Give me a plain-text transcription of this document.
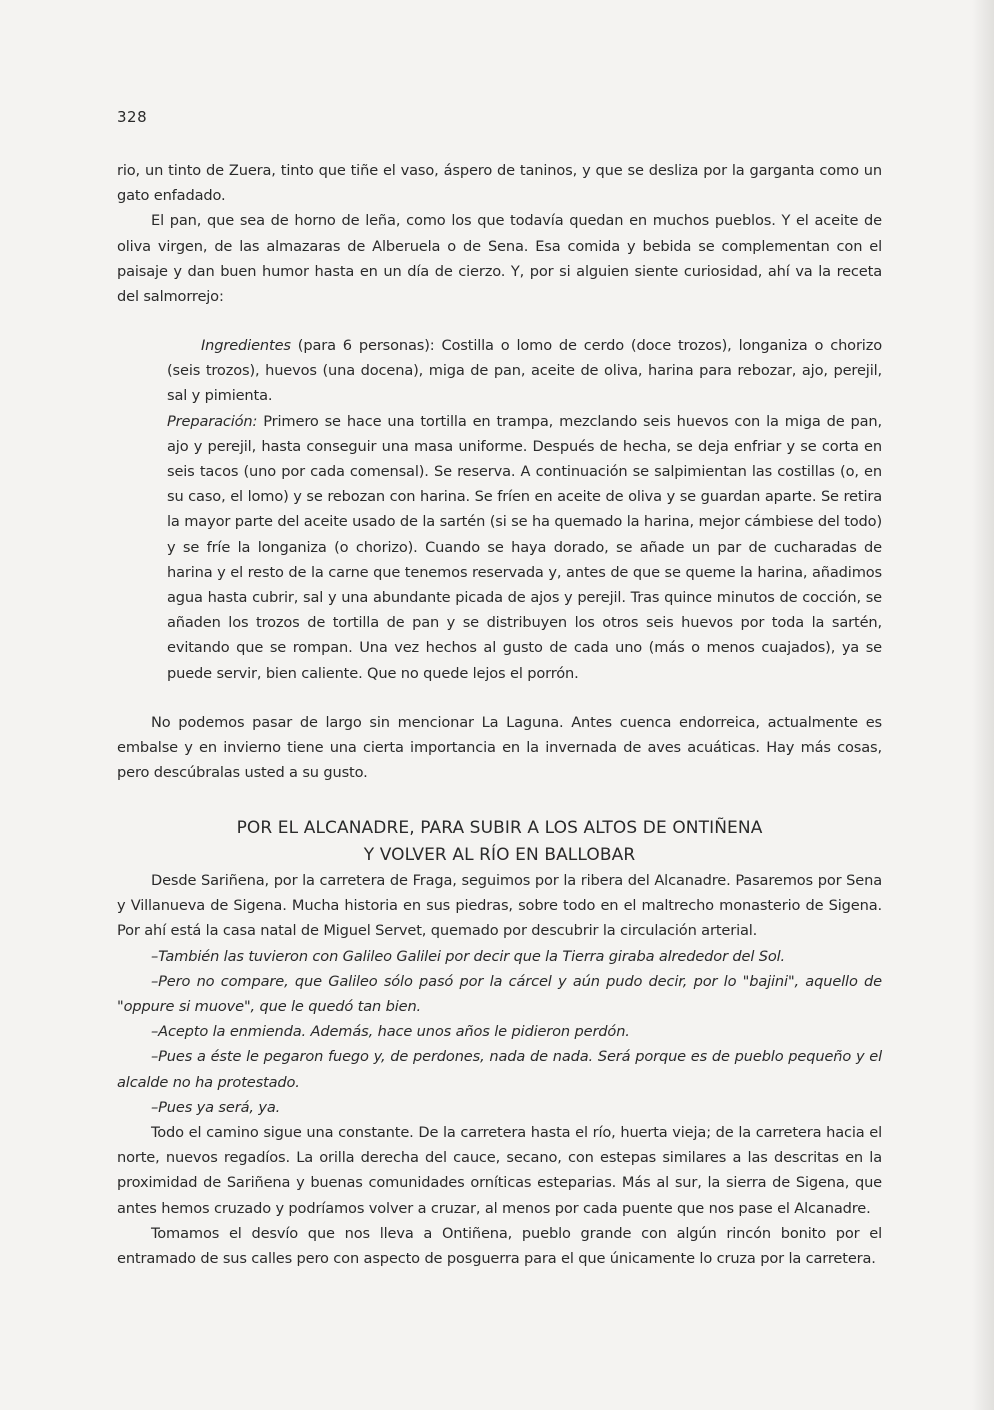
328

rio, un tinto de Zuera, tinto que tiñe el vaso, áspero de taninos, y que se desliza por la garganta como un gato enfadado.

El pan, que sea de horno de leña, como los que todavía quedan en muchos pueblos. Y el aceite de oliva virgen, de las almazaras de Alberuela o de Sena. Esa comida y bebida se complementan con el paisaje y dan buen humor hasta en un día de cierzo. Y, por si alguien siente curiosidad, ahí va la receta del salmorrejo:

Ingredientes (para 6 personas): Costilla o lomo de cerdo (doce trozos), longaniza o chorizo (seis trozos), huevos (una docena), miga de pan, aceite de oliva, harina para rebozar, ajo, perejil, sal y pimienta.

Preparación: Primero se hace una tortilla en trampa, mezclando seis huevos con la miga de pan, ajo y perejil, hasta conseguir una masa uniforme. Después de hecha, se deja enfriar y se corta en seis tacos (uno por cada comensal). Se reserva. A continuación se salpimientan las costillas (o, en su caso, el lomo) y se rebozan con harina. Se fríen en aceite de oliva y se guardan aparte. Se retira la mayor parte del aceite usado de la sartén (si se ha quemado la harina, mejor cámbiese del todo) y se fríe la longaniza (o chorizo). Cuando se haya dorado, se añade un par de cucharadas de harina y el resto de la carne que tenemos reservada y, antes de que se queme la harina, añadimos agua hasta cubrir, sal y una abundante picada de ajos y perejil. Tras quince minutos de cocción, se añaden los trozos de tortilla de pan y se distribuyen los otros seis huevos por toda la sartén, evitando que se rompan. Una vez hechos al gusto de cada uno (más o menos cuajados), ya se puede servir, bien caliente. Que no quede lejos el porrón.

No podemos pasar de largo sin mencionar La Laguna. Antes cuenca endorreica, actualmente es embalse y en invierno tiene una cierta importancia en la invernada de aves acuáticas. Hay más cosas, pero descúbralas usted a su gusto.

POR EL ALCANADRE, PARA SUBIR A LOS ALTOS DE ONTIÑENA
Y VOLVER AL RÍO EN BALLOBAR

Desde Sariñena, por la carretera de Fraga, seguimos por la ribera del Alcanadre. Pasaremos por Sena y Villanueva de Sigena. Mucha historia en sus piedras, sobre todo en el maltrecho monasterio de Sigena. Por ahí está la casa natal de Miguel Servet, quemado por descubrir la circulación arterial.

–También las tuvieron con Galileo Galilei por decir que la Tierra giraba alrededor del Sol.

–Pero no compare, que Galileo sólo pasó por la cárcel y aún pudo decir, por lo "bajini", aquello de "oppure si muove", que le quedó tan bien.

–Acepto la enmienda. Además, hace unos años le pidieron perdón.

–Pues a éste le pegaron fuego y, de perdones, nada de nada. Será porque es de pueblo pequeño y el alcalde no ha protestado.

–Pues ya será, ya.

Todo el camino sigue una constante. De la carretera hasta el río, huerta vieja; de la carretera hacia el norte, nuevos regadíos. La orilla derecha del cauce, secano, con estepas similares a las descritas en la proximidad de Sariñena y buenas comunidades orníticas esteparias. Más al sur, la sierra de Sigena, que antes hemos cruzado y podríamos volver a cruzar, al menos por cada puente que nos pase el Alcanadre.

Tomamos el desvío que nos lleva a Ontiñena, pueblo grande con algún rincón bonito por el entramado de sus calles pero con aspecto de posguerra para el que únicamente lo cruza por la carretera.
